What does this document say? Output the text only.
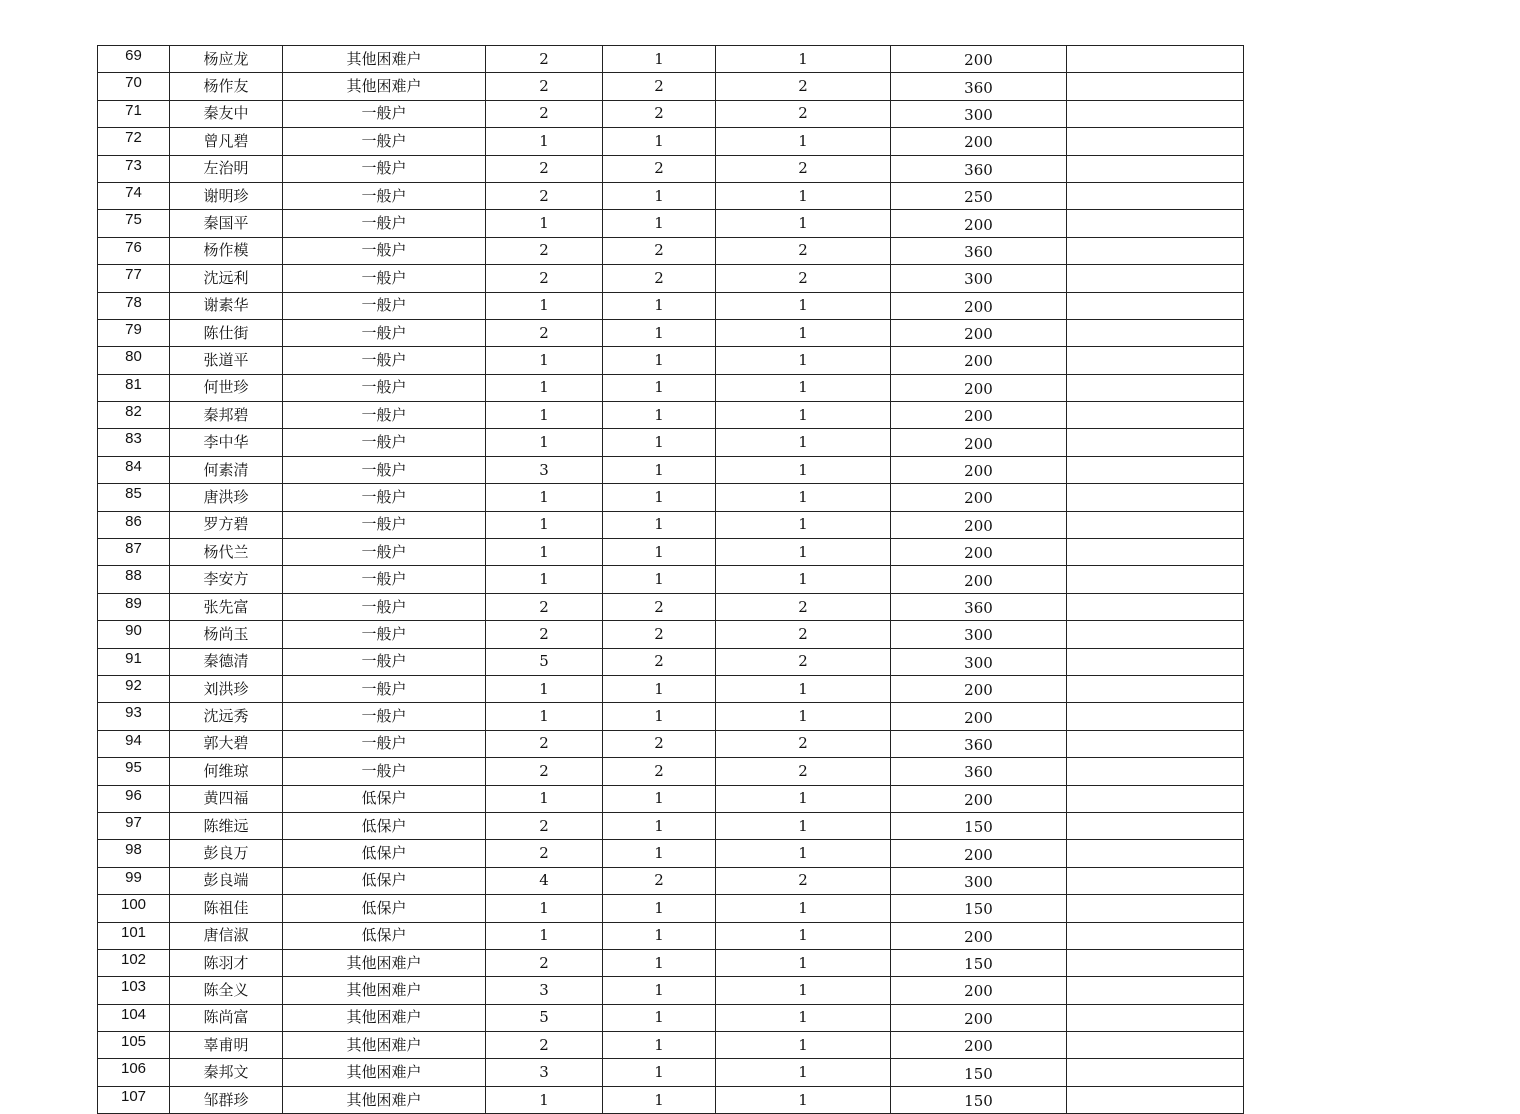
69	杨应龙	其他困难户	2	1	1	200	
70	杨作友	其他困难户	2	2	2	360	
71	秦友中	一般户	2	2	2	300	
72	曾凡碧	一般户	1	1	1	200	
73	左治明	一般户	2	2	2	360	
74	谢明珍	一般户	2	1	1	250	
75	秦国平	一般户	1	1	1	200	
76	杨作模	一般户	2	2	2	360	
77	沈远利	一般户	2	2	2	300	
78	谢素华	一般户	1	1	1	200	
79	陈仕街	一般户	2	1	1	200	
80	张道平	一般户	1	1	1	200	
81	何世珍	一般户	1	1	1	200	
82	秦邦碧	一般户	1	1	1	200	
83	李中华	一般户	1	1	1	200	
84	何素清	一般户	3	1	1	200	
85	唐洪珍	一般户	1	1	1	200	
86	罗方碧	一般户	1	1	1	200	
87	杨代兰	一般户	1	1	1	200	
88	李安方	一般户	1	1	1	200	
89	张先富	一般户	2	2	2	360	
90	杨尚玉	一般户	2	2	2	300	
91	秦德清	一般户	5	2	2	300	
92	刘洪珍	一般户	1	1	1	200	
93	沈远秀	一般户	1	1	1	200	
94	郭大碧	一般户	2	2	2	360	
95	何维琼	一般户	2	2	2	360	
96	黄四福	低保户	1	1	1	200	
97	陈维远	低保户	2	1	1	150	
98	彭良万	低保户	2	1	1	200	
99	彭良端	低保户	4	2	2	300	
100	陈祖佳	低保户	1	1	1	150	
101	唐信淑	低保户	1	1	1	200	
102	陈羽才	其他困难户	2	1	1	150	
103	陈全义	其他困难户	3	1	1	200	
104	陈尚富	其他困难户	5	1	1	200	
105	辜甫明	其他困难户	2	1	1	200	
106	秦邦文	其他困难户	3	1	1	150	
107	邹群珍	其他困难户	1	1	1	150	
